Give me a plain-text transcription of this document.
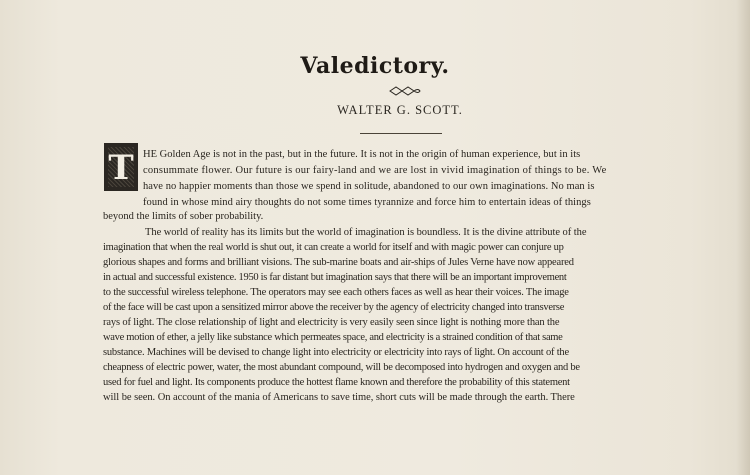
Valedictory.
WALTER G. SCOTT.
T HE Golden Age is not in the past, but in the future. It is not in the origin of human experience, but in its
consummate flower. Our future is our fairy-land and we are lost in vivid imagination of things to be. We
have no happier moments than those we spend in solitude, abandoned to our own imaginations. No man is
found in whose mind airy thoughts do not some times tyrannize and force him to entertain ideas of things
beyond the limits of sober probability.
The world of reality has its limits but the world of imagination is boundless. It is the divine attribute of the
imagination that when the real world is shut out, it can create a world for itself and with magic power can conjure up
glorious shapes and forms and brilliant visions. The sub-marine boats and air-ships of Jules Verne have now appeared
in actual and successful existence. 1950 is far distant but imagination says that there will be an important improvement
to the successful wireless telephone. The operators may see each others faces as well as hear their voices. The image
of the face will be cast upon a sensitized mirror above the receiver by the agency of electricity changed into transverse
rays of light. The close relationship of light and electricity is very easily seen since light is nothing more than the
wave motion of ether, a jelly like substance which permeates space, and electricity is a strained condition of that same
substance. Machines will be devised to change light into electricity or electricity into rays of light. On account of the
cheapness of electric power, water, the most abundant compound, will be decomposed into hydrogen and oxygen and be
used for fuel and light. Its components produce the hottest flame known and therefore the probability of this statement
will be seen. On account of the mania of Americans to save time, short cuts will be made through the earth. There
